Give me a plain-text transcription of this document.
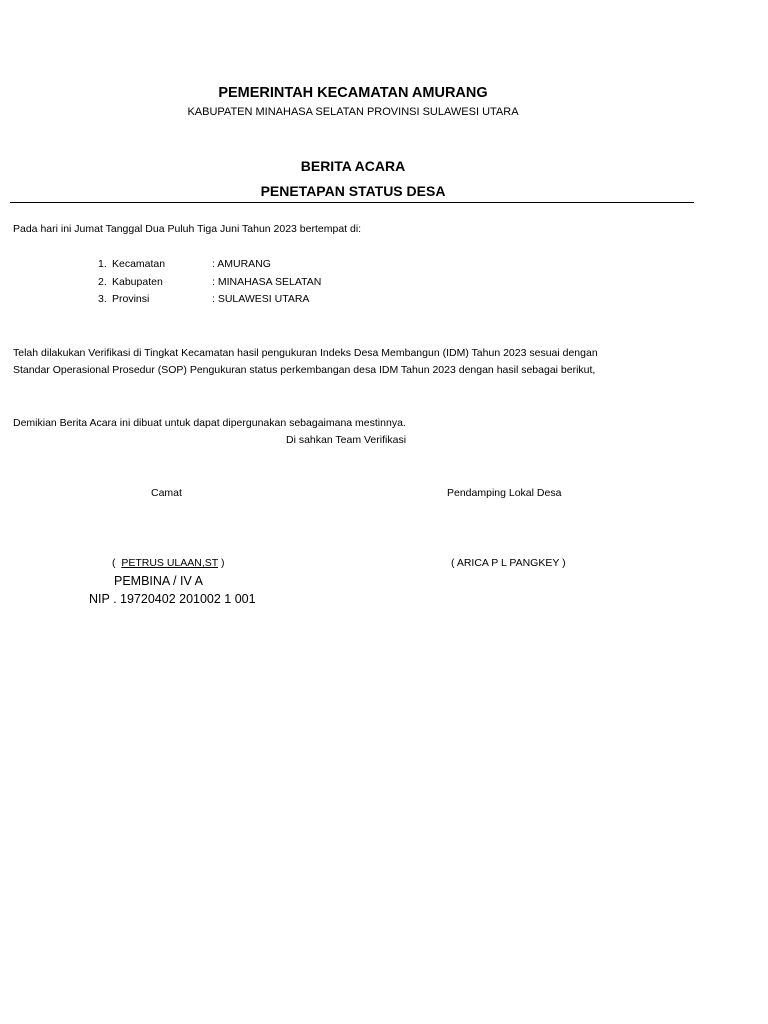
PEMERINTAH KECAMATAN AMURANG
KABUPATEN MINAHASA SELATAN PROVINSI SULAWESI UTARA
BERITA ACARA
PENETAPAN STATUS DESA
Pada hari ini Jumat Tanggal Dua Puluh Tiga Juni Tahun 2023 bertempat di:
1. Kecamatan	: AMURANG
2. Kabupaten	: MINAHASA SELATAN
3. Provinsi	: SULAWESI UTARA
Telah dilakukan Verifikasi di Tingkat Kecamatan hasil pengukuran Indeks Desa Membangun (IDM) Tahun 2023 sesuai dengan
Standar Operasional Prosedur (SOP) Pengukuran status perkembangan desa IDM Tahun 2023 dengan hasil sebagai berikut,
Demikian Berita Acara ini dibuat untuk dapat dipergunakan sebagaimana mestinnya.
Di sahkan Team Verifikasi
Camat
( PETRUS ULAAN,ST )
PEMBINA / IV A
NIP . 19720402 201002 1 001
Pendamping Lokal Desa
( ARICA P L PANGKEY )
